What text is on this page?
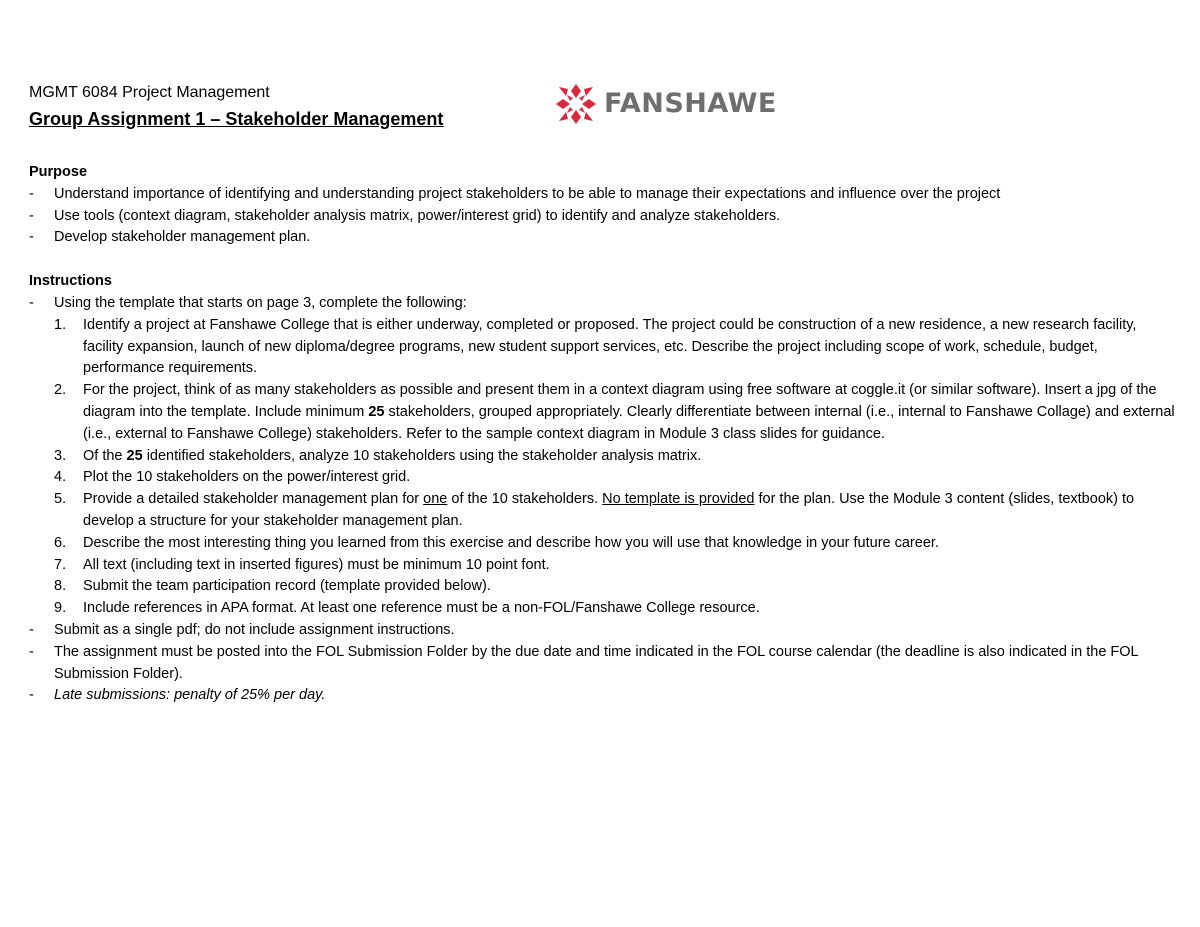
MGMT 6084 Project Management
Group Assignment 1 – Stakeholder Management	FANSHAWE

Purpose

- Understand importance of identifying and understanding project stakeholders to be able to manage their expectations and influence over the project

- Use tools (context diagram, stakeholder analysis matrix, power/interest grid) to identify and analyze stakeholders.

- Develop stakeholder management plan.

Instructions

- Using the template that starts on page 3, complete the following:

1. Identify a project at Fanshawe College that is either underway, completed or proposed. The project could be construction of a new residence, a new research facility, facility expansion, launch of new diploma/degree programs, new student support services, etc. Describe the project including scope of work, schedule, budget, performance requirements.

2. For the project, think of as many stakeholders as possible and present them in a context diagram using free software at coggle.it (or similar software). Insert a jpg of the diagram into the template. Include minimum 25 stakeholders, grouped appropriately. Clearly differentiate between internal (i.e., internal to Fanshawe Collage) and external (i.e., external to Fanshawe College) stakeholders. Refer to the sample context diagram in Module 3 class slides for guidance.

3. Of the 25 identified stakeholders, analyze 10 stakeholders using the stakeholder analysis matrix.

4. Plot the 10 stakeholders on the power/interest grid.

5. Provide a detailed stakeholder management plan for one of the 10 stakeholders. No template is provided for the plan. Use the Module 3 content (slides, textbook) to develop a structure for your stakeholder management plan.

6. Describe the most interesting thing you learned from this exercise and describe how you will use that knowledge in your future career.

7. All text (including text in inserted figures) must be minimum 10 point font.

8. Submit the team participation record (template provided below).

9. Include references in APA format. At least one reference must be a non-FOL/Fanshawe College resource.

- Submit as a single pdf; do not include assignment instructions.

- The assignment must be posted into the FOL Submission Folder by the due date and time indicated in the FOL course calendar (the deadline is also indicated in the FOL Submission Folder).

- Late submissions: penalty of 25% per day.
